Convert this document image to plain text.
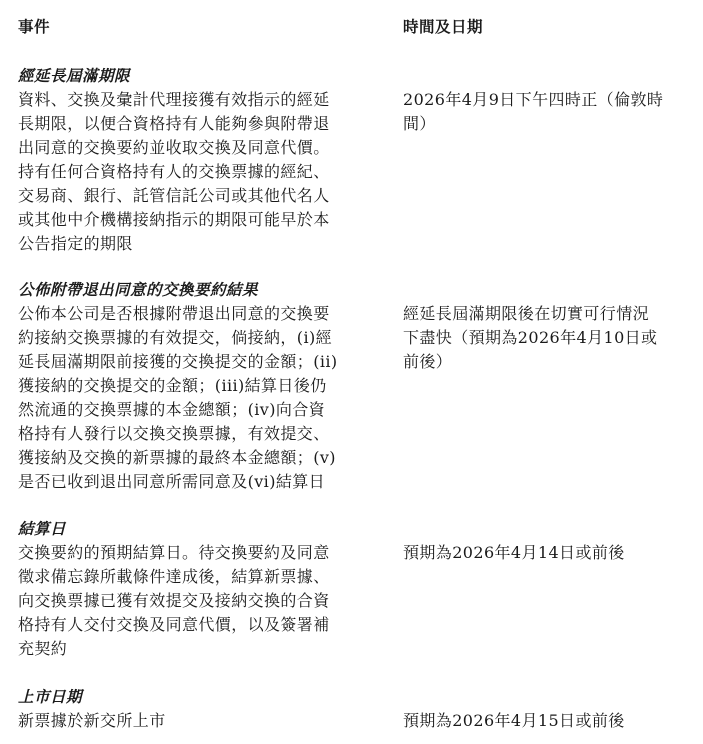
事件	時間及日期

經延長屆滿期限

資料、交換及彙計代理接獲有效指示的經延
長期限，以便合資格持有人能夠參與附帶退
出同意的交換要約並收取交換及同意代價。
持有任何合資格持有人的交換票據的經紀、
交易商、銀行、託管信託公司或其他代名人
或其他中介機構接納指示的期限可能早於本
公告指定的期限

2026年4月9日下午四時正（倫敦時
間）

公佈附帶退出同意的交換要約結果

公佈本公司是否根據附帶退出同意的交換要
約接納交換票據的有效提交，倘接納，(i)經
延長屆滿期限前接獲的交換提交的金額；(ii)
獲接納的交換提交的金額；(iii)結算日後仍
然流通的交換票據的本金總額；(iv)向合資
格持有人發行以交換交換票據，有效提交、
獲接納及交換的新票據的最終本金總額；(v)
是否已收到退出同意所需同意及(vi)結算日

經延長屆滿期限後在切實可行情況
下盡快（預期為2026年4月10日或
前後）

結算日

交換要約的預期結算日。待交換要約及同意
徵求備忘錄所載條件達成後，結算新票據、
向交換票據已獲有效提交及接納交換的合資
格持有人交付交換及同意代價，以及簽署補
充契約

預期為2026年4月14日或前後

上市日期

新票據於新交所上市	預期為2026年4月15日或前後
